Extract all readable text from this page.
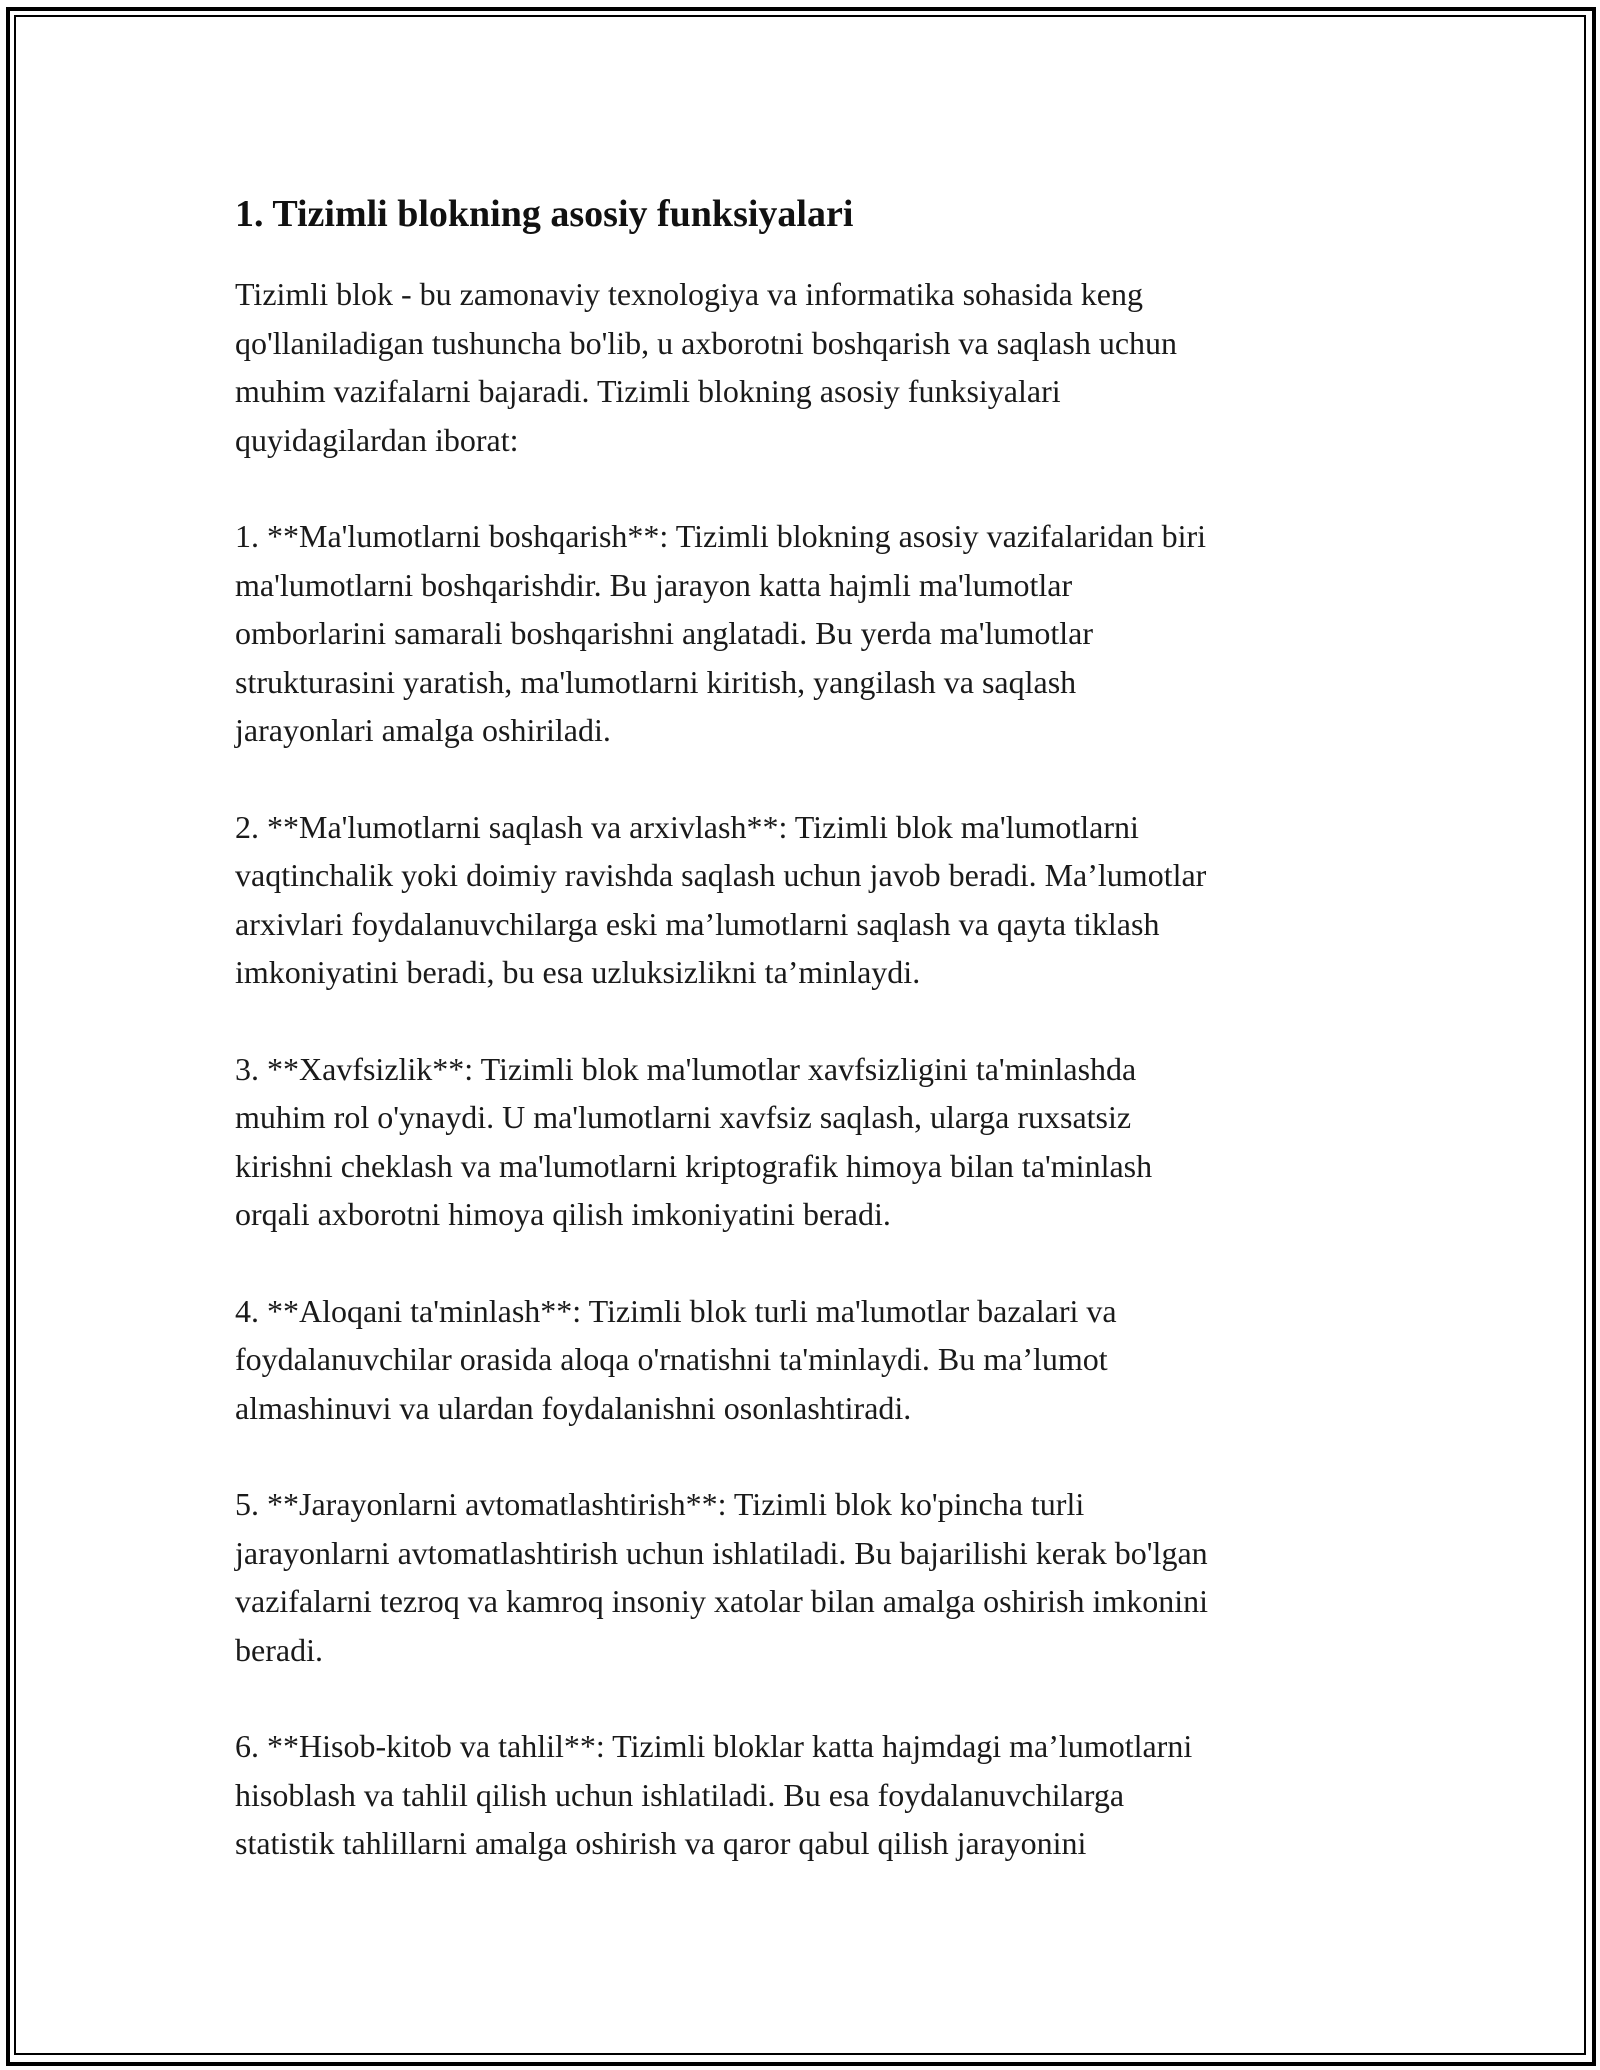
1. Tizimli blokning asosiy funksiyalari

Tizimli blok - bu zamonaviy texnologiya va informatika sohasida keng
qo'llaniladigan tushuncha bo'lib, u axborotni boshqarish va saqlash uchun
muhim vazifalarni bajaradi. Tizimli blokning asosiy funksiyalari
quyidagilardan iborat:

1. **Ma'lumotlarni boshqarish**: Tizimli blokning asosiy vazifalaridan biri
ma'lumotlarni boshqarishdir. Bu jarayon katta hajmli ma'lumotlar
omborlarini samarali boshqarishni anglatadi. Bu yerda ma'lumotlar
strukturasini yaratish, ma'lumotlarni kiritish, yangilash va saqlash
jarayonlari amalga oshiriladi.

2. **Ma'lumotlarni saqlash va arxivlash**: Tizimli blok ma'lumotlarni
vaqtinchalik yoki doimiy ravishda saqlash uchun javob beradi. Ma’lumotlar
arxivlari foydalanuvchilarga eski ma’lumotlarni saqlash va qayta tiklash
imkoniyatini beradi, bu esa uzluksizlikni ta’minlaydi.

3. **Xavfsizlik**: Tizimli blok ma'lumotlar xavfsizligini ta'minlashda
muhim rol o'ynaydi. U ma'lumotlarni xavfsiz saqlash, ularga ruxsatsiz
kirishni cheklash va ma'lumotlarni kriptografik himoya bilan ta'minlash
orqali axborotni himoya qilish imkoniyatini beradi.

4. **Aloqani ta'minlash**: Tizimli blok turli ma'lumotlar bazalari va
foydalanuvchilar orasida aloqa o'rnatishni ta'minlaydi. Bu ma’lumot
almashinuvi va ulardan foydalanishni osonlashtiradi.

5. **Jarayonlarni avtomatlashtirish**: Tizimli blok ko'pincha turli
jarayonlarni avtomatlashtirish uchun ishlatiladi. Bu bajarilishi kerak bo'lgan
vazifalarni tezroq va kamroq insoniy xatolar bilan amalga oshirish imkonini
beradi.

6. **Hisob-kitob va tahlil**: Tizimli bloklar katta hajmdagi ma’lumotlarni
hisoblash va tahlil qilish uchun ishlatiladi. Bu esa foydalanuvchilarga
statistik tahlillarni amalga oshirish va qaror qabul qilish jarayonini
